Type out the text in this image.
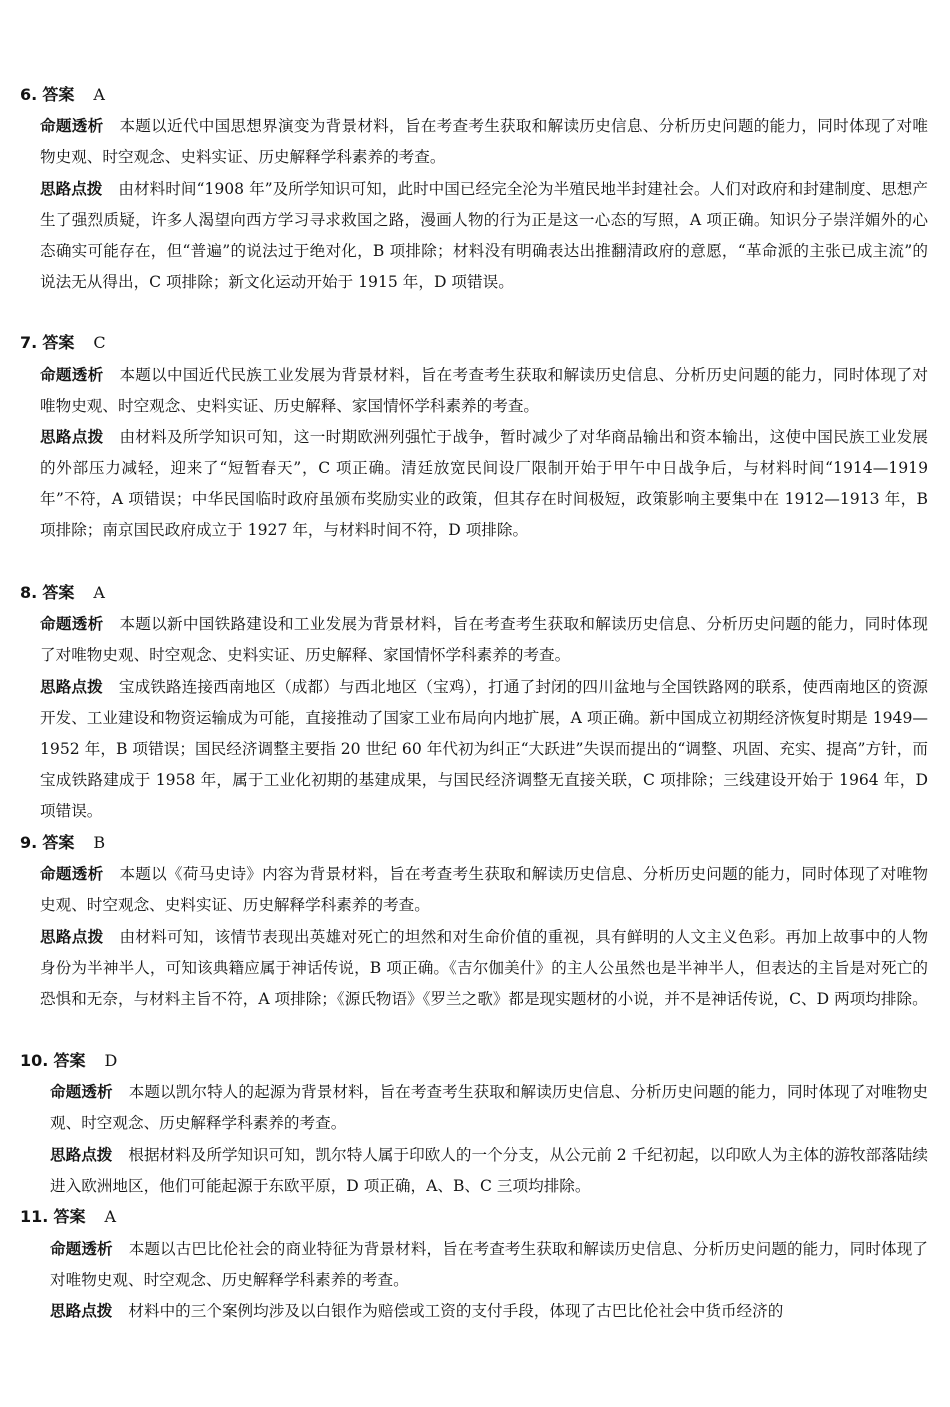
6. 答案 A
命题透析 本题以近代中国思想界演变为背景材料，旨在考查考生获取和解读历史信息、分析历史问题的能力，同时体现了对唯物史观、时空观念、史料实证、历史解释学科素养的考查。
思路点拨 由材料时间“1908 年”及所学知识可知，此时中国已经完全沦为半殖民地半封建社会。人们对政府和封建制度、思想产生了强烈质疑，许多人渴望向西方学习寻求救国之路，漫画人物的行为正是这一心态的写照，A 项正确。知识分子崇洋媚外的心态确实可能存在，但“普遍”的说法过于绝对化，B 项排除；材料没有明确表达出推翻清政府的意愿，“革命派的主张已成主流”的说法无从得出，C 项排除；新文化运动开始于 1915 年，D 项错误。
7. 答案 C
命题透析 本题以中国近代民族工业发展为背景材料，旨在考查考生获取和解读历史信息、分析历史问题的能力，同时体现了对唯物史观、时空观念、史料实证、历史解释、家国情怀学科素养的考查。
思路点拨 由材料及所学知识可知，这一时期欧洲列强忙于战争，暂时减少了对华商品输出和资本输出，这使中国民族工业发展的外部压力减轻，迎来了“短暂春天”，C 项正确。清廷放宽民间设厂限制开始于甲午中日战争后，与材料时间“1914—1919 年”不符，A 项错误；中华民国临时政府虽颁布奖励实业的政策，但其存在时间极短，政策影响主要集中在 1912—1913 年，B 项排除；南京国民政府成立于 1927 年，与材料时间不符，D 项排除。
8. 答案 A
命题透析 本题以新中国铁路建设和工业发展为背景材料，旨在考查考生获取和解读历史信息、分析历史问题的能力，同时体现了对唯物史观、时空观念、史料实证、历史解释、家国情怀学科素养的考查。
思路点拨 宝成铁路连接西南地区（成都）与西北地区（宝鸡），打通了封闭的四川盆地与全国铁路网的联系，使西南地区的资源开发、工业建设和物资运输成为可能，直接推动了国家工业布局向内地扩展，A 项正确。新中国成立初期经济恢复时期是 1949—1952 年，B 项错误；国民经济调整主要指 20 世纪 60 年代初为纠正“大跃进”失误而提出的“调整、巩固、充实、提高”方针，而宝成铁路建成于 1958 年，属于工业化初期的基建成果，与国民经济调整无直接关联，C 项排除；三线建设开始于 1964 年，D 项错误。
9. 答案 B
命题透析 本题以《荷马史诗》内容为背景材料，旨在考查考生获取和解读历史信息、分析历史问题的能力，同时体现了对唯物史观、时空观念、史料实证、历史解释学科素养的考查。
思路点拨 由材料可知，该情节表现出英雄对死亡的坦然和对生命价值的重视，具有鲜明的人文主义色彩。再加上故事中的人物身份为半神半人，可知该典籍应属于神话传说，B 项正确。《吉尔伽美什》的主人公虽然也是半神半人，但表达的主旨是对死亡的恐惧和无奈，与材料主旨不符，A 项排除；《源氏物语》《罗兰之歌》都是现实题材的小说，并不是神话传说，C、D 两项均排除。
10. 答案 D
命题透析 本题以凯尔特人的起源为背景材料，旨在考查考生获取和解读历史信息、分析历史问题的能力，同时体现了对唯物史观、时空观念、历史解释学科素养的考查。
思路点拨 根据材料及所学知识可知，凯尔特人属于印欧人的一个分支，从公元前 2 千纪初起，以印欧人为主体的游牧部落陆续进入欧洲地区，他们可能起源于东欧平原，D 项正确，A、B、C 三项均排除。
11. 答案 A
命题透析 本题以古巴比伦社会的商业特征为背景材料，旨在考查考生获取和解读历史信息、分析历史问题的能力，同时体现了对唯物史观、时空观念、历史解释学科素养的考查。
思路点拨 材料中的三个案例均涉及以白银作为赔偿或工资的支付手段，体现了古巴比伦社会中货币经济的
